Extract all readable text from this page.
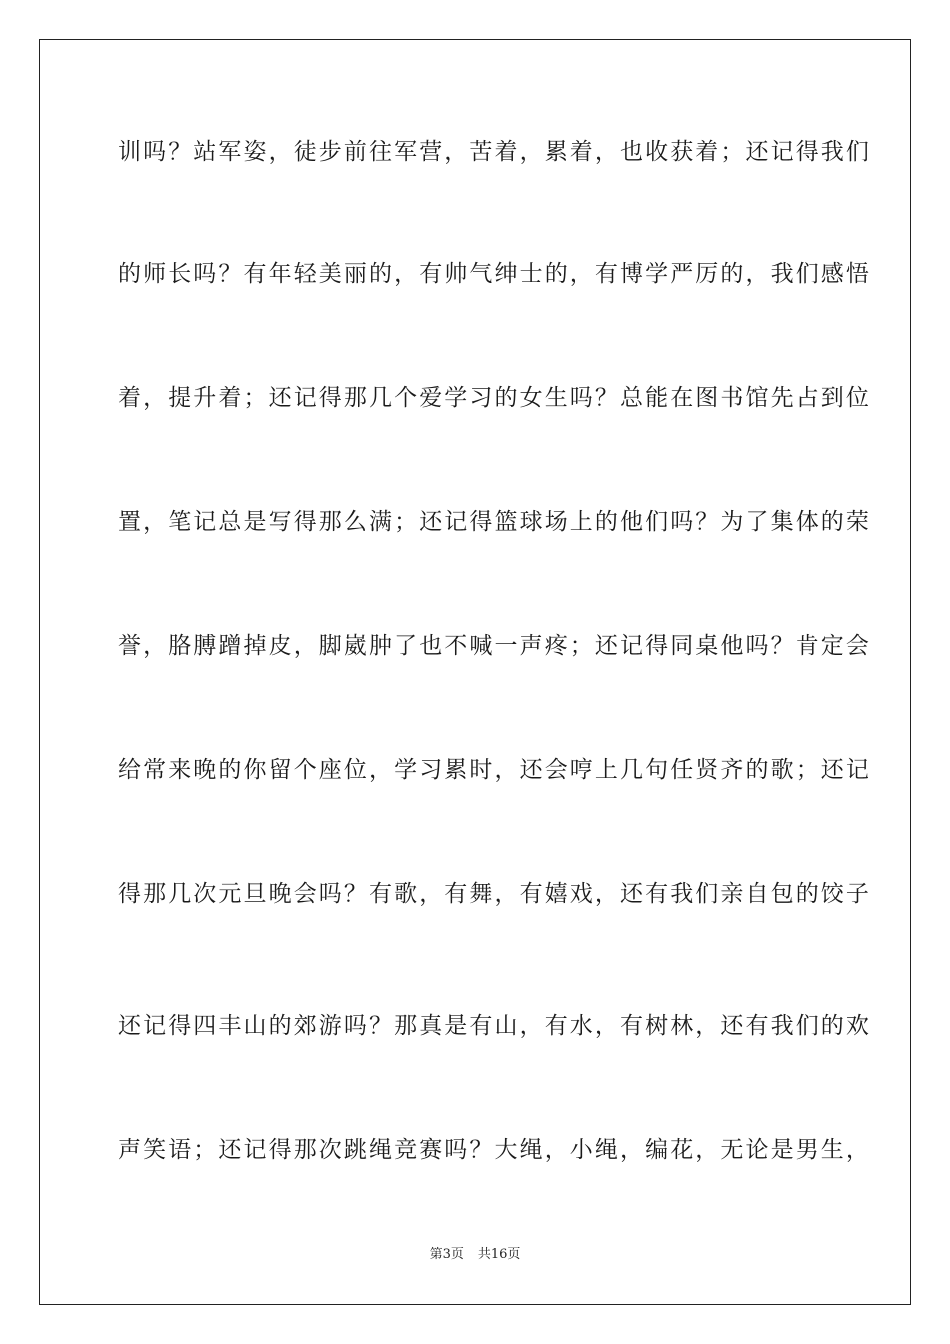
训吗？站军姿，徒步前往军营，苦着，累着，也收获着；还记得我们

的师长吗？有年轻美丽的，有帅气绅士的，有博学严厉的，我们感悟

着，提升着；还记得那几个爱学习的女生吗？总能在图书馆先占到位

置，笔记总是写得那么满；还记得篮球场上的他们吗？为了集体的荣

誉，胳膊蹭掉皮，脚崴肿了也不喊一声疼；还记得同桌他吗？肯定会

给常来晚的你留个座位，学习累时，还会哼上几句任贤齐的歌；还记

得那几次元旦晚会吗？有歌，有舞，有嬉戏，还有我们亲自包的饺子

还记得四丰山的郊游吗？那真是有山，有水，有树林，还有我们的欢

声笑语；还记得那次跳绳竞赛吗？大绳，小绳，编花，无论是男生，

第3页 共16页
